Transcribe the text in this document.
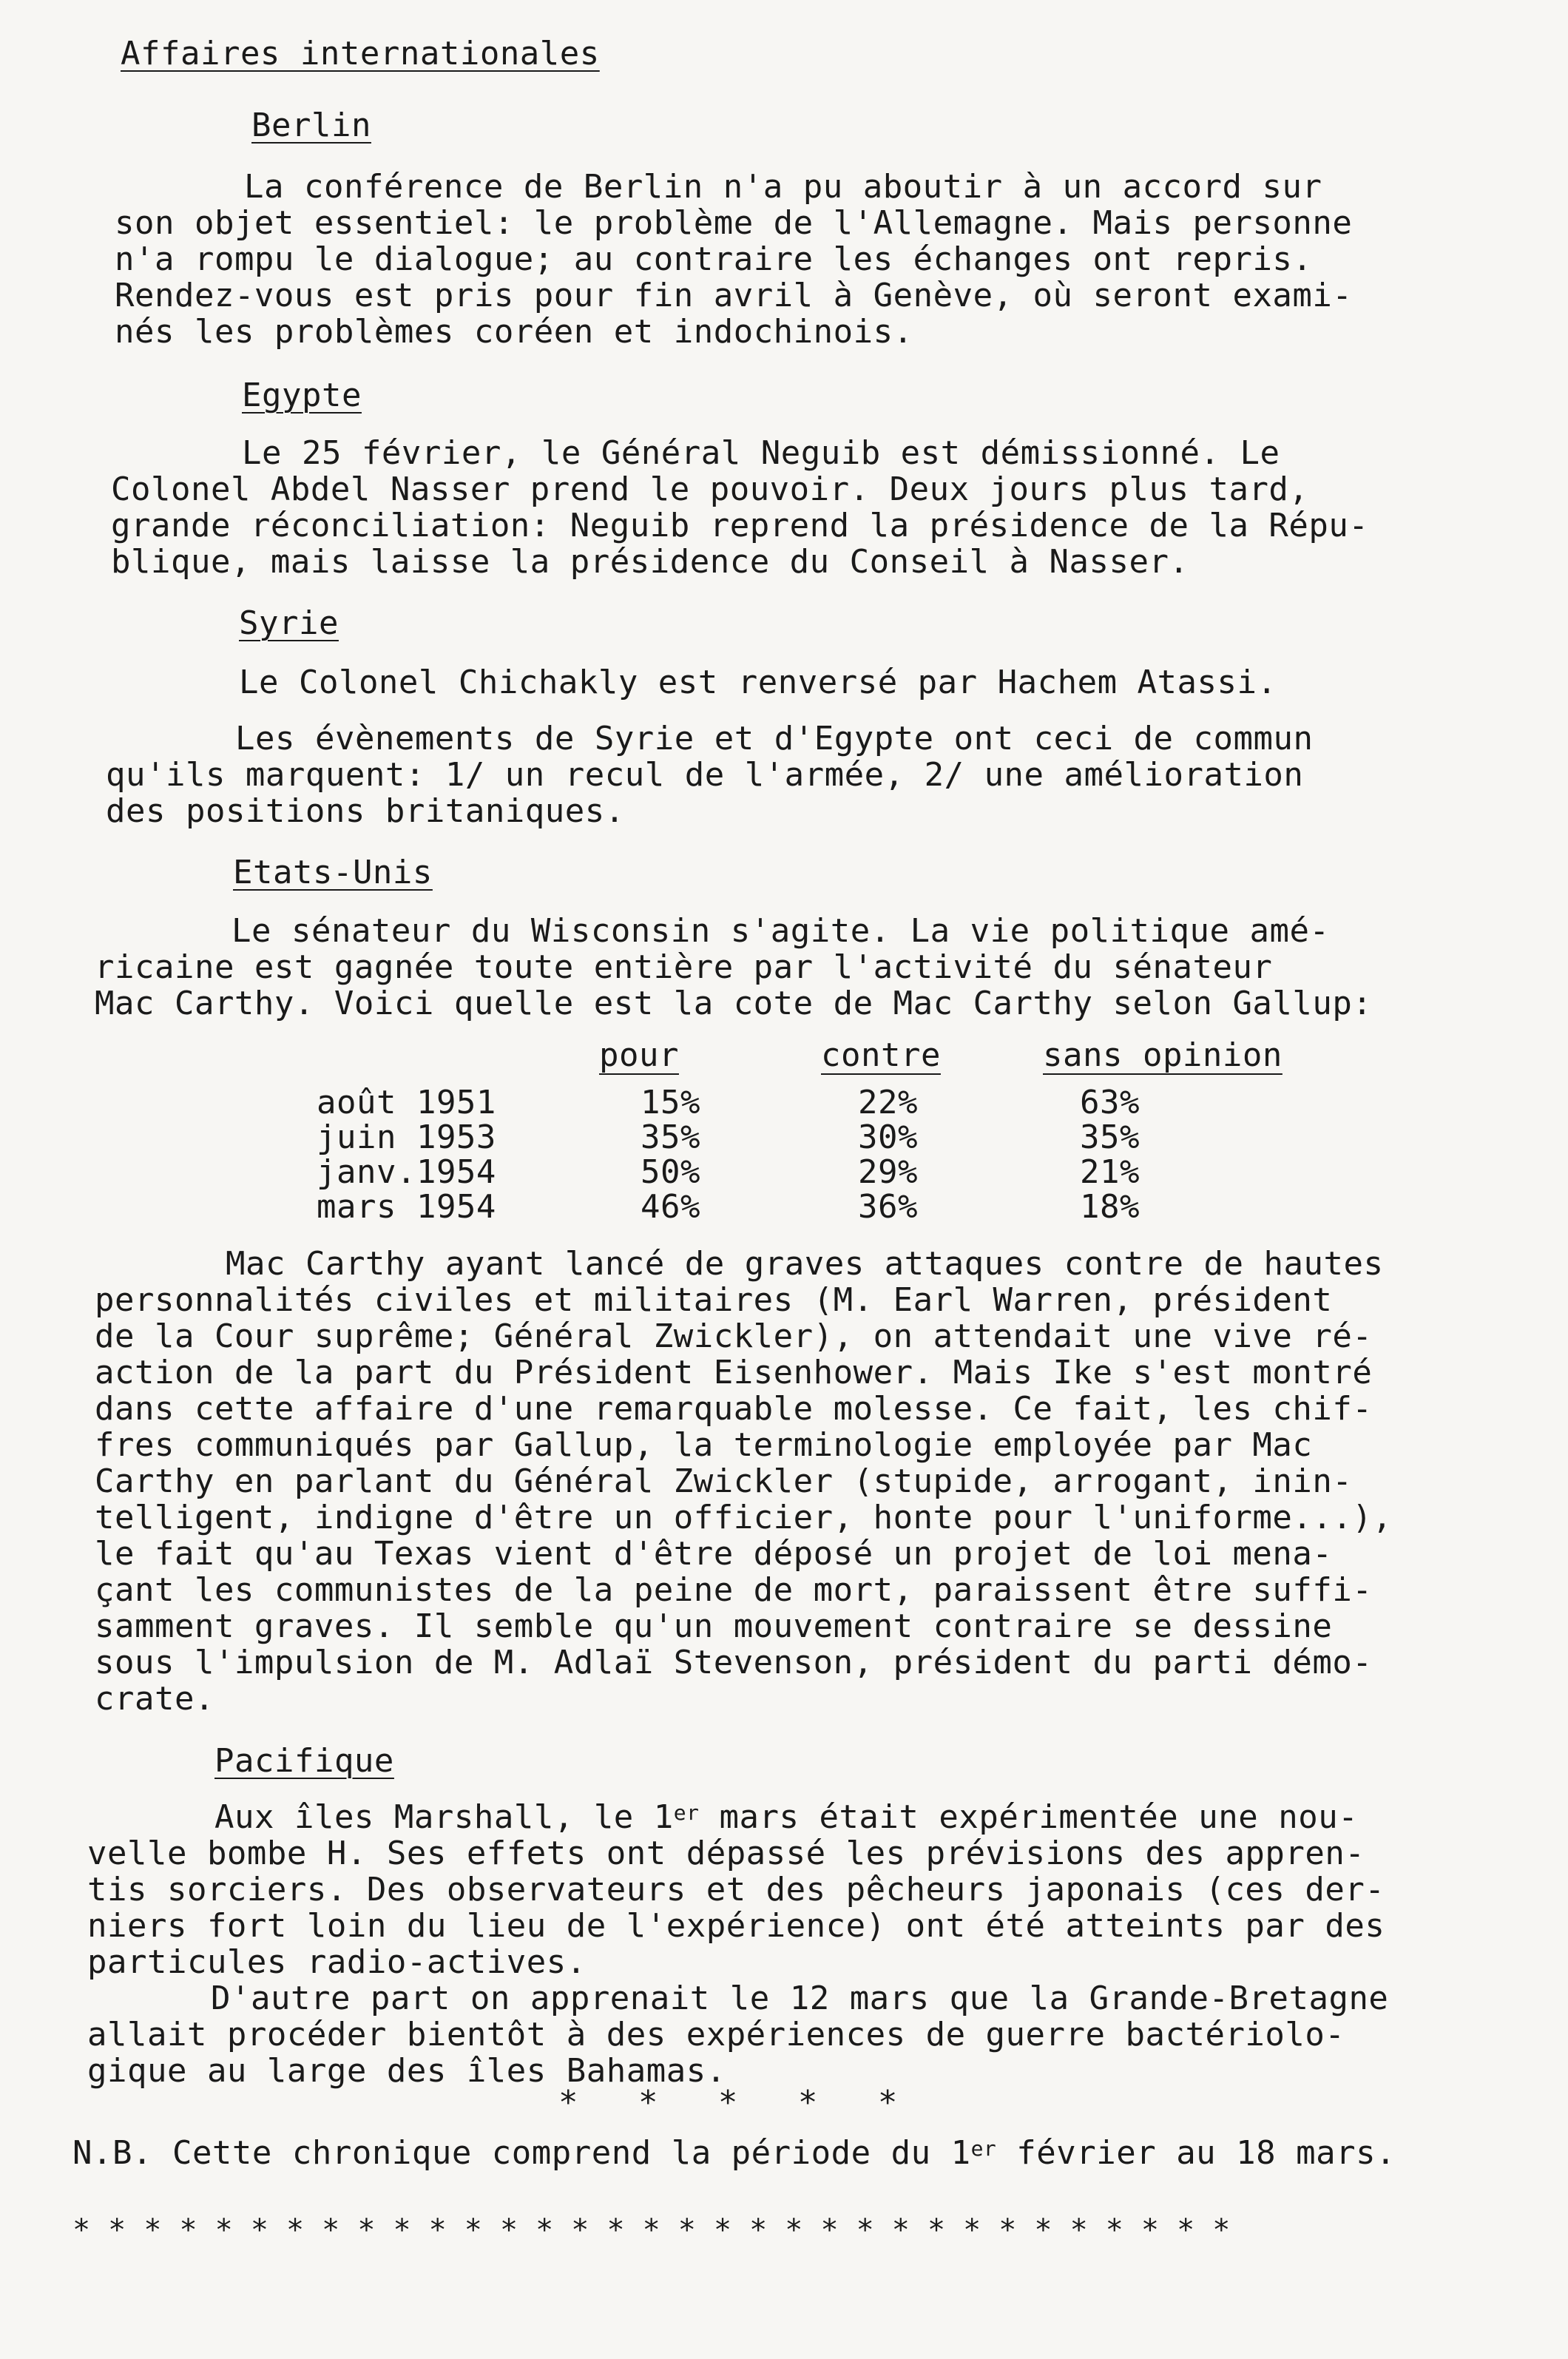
Affaires internationales
Berlin
La conférence de Berlin n'a pu aboutir à un accord sur
son objet essentiel: le problème de l'Allemagne. Mais personne
n'a rompu le dialogue; au contraire les échanges ont repris.
Rendez-vous est pris pour fin avril à Genève, où seront exami-
nés les problèmes coréen et indochinois.
Egypte
Le 25 février, le Général Neguib est démissionné. Le
Colonel Abdel Nasser prend le pouvoir. Deux jours plus tard,
grande réconciliation: Neguib reprend la présidence de la Répu-
blique, mais laisse la présidence du Conseil à Nasser.
Syrie
Le Colonel Chichakly est renversé par Hachem Atassi.
Les évènements de Syrie et d'Egypte ont ceci de commun
qu'ils marquent: 1/ un recul de l'armée, 2/ une amélioration
des positions britaniques.
Etats-Unis
Le sénateur du Wisconsin s'agite. La vie politique amé-
ricaine est gagnée toute entière par l'activité du sénateur
Mac Carthy. Voici quelle est la cote de Mac Carthy selon Gallup:
pour	contre	sans opinion
août 1951	15%	22%	63%
juin 1953	35%	30%	35%
janv.1954	50%	29%	21%
mars 1954	46%	36%	18%
Mac Carthy ayant lancé de graves attaques contre de hautes
personnalités civiles et militaires (M. Earl Warren, président
de la Cour suprême; Général Zwickler), on attendait une vive ré-
action de la part du Président Eisenhower. Mais Ike s'est montré
dans cette affaire d'une remarquable molesse. Ce fait, les chif-
fres communiqués par Gallup, la terminologie employée par Mac
Carthy en parlant du Général Zwickler (stupide, arrogant, inin-
telligent, indigne d'être un officier, honte pour l'uniforme...),
le fait qu'au Texas vient d'être déposé un projet de loi mena-
çant les communistes de la peine de mort, paraissent être suffi-
samment graves. Il semble qu'un mouvement contraire se dessine
sous l'impulsion de M. Adlaï Stevenson, président du parti démo-
crate.
Pacifique
Aux îles Marshall, le 1er mars était expérimentée une nou-
velle bombe H. Ses effets ont dépassé les prévisions des appren-
tis sorciers. Des observateurs et des pêcheurs japonais (ces der-
niers fort loin du lieu de l'expérience) ont été atteints par des
particules radio-actives.
D'autre part on apprenait le 12 mars que la Grande-Bretagne
allait procéder bientôt à des expériences de guerre bactériolo-
gique au large des îles Bahamas.
*   *   *   *   *
N.B. Cette chronique comprend la période du 1er février au 18 mars.
* * * * * * * * * * * * * * * * * * * * * * * * * * * * * * * * *
